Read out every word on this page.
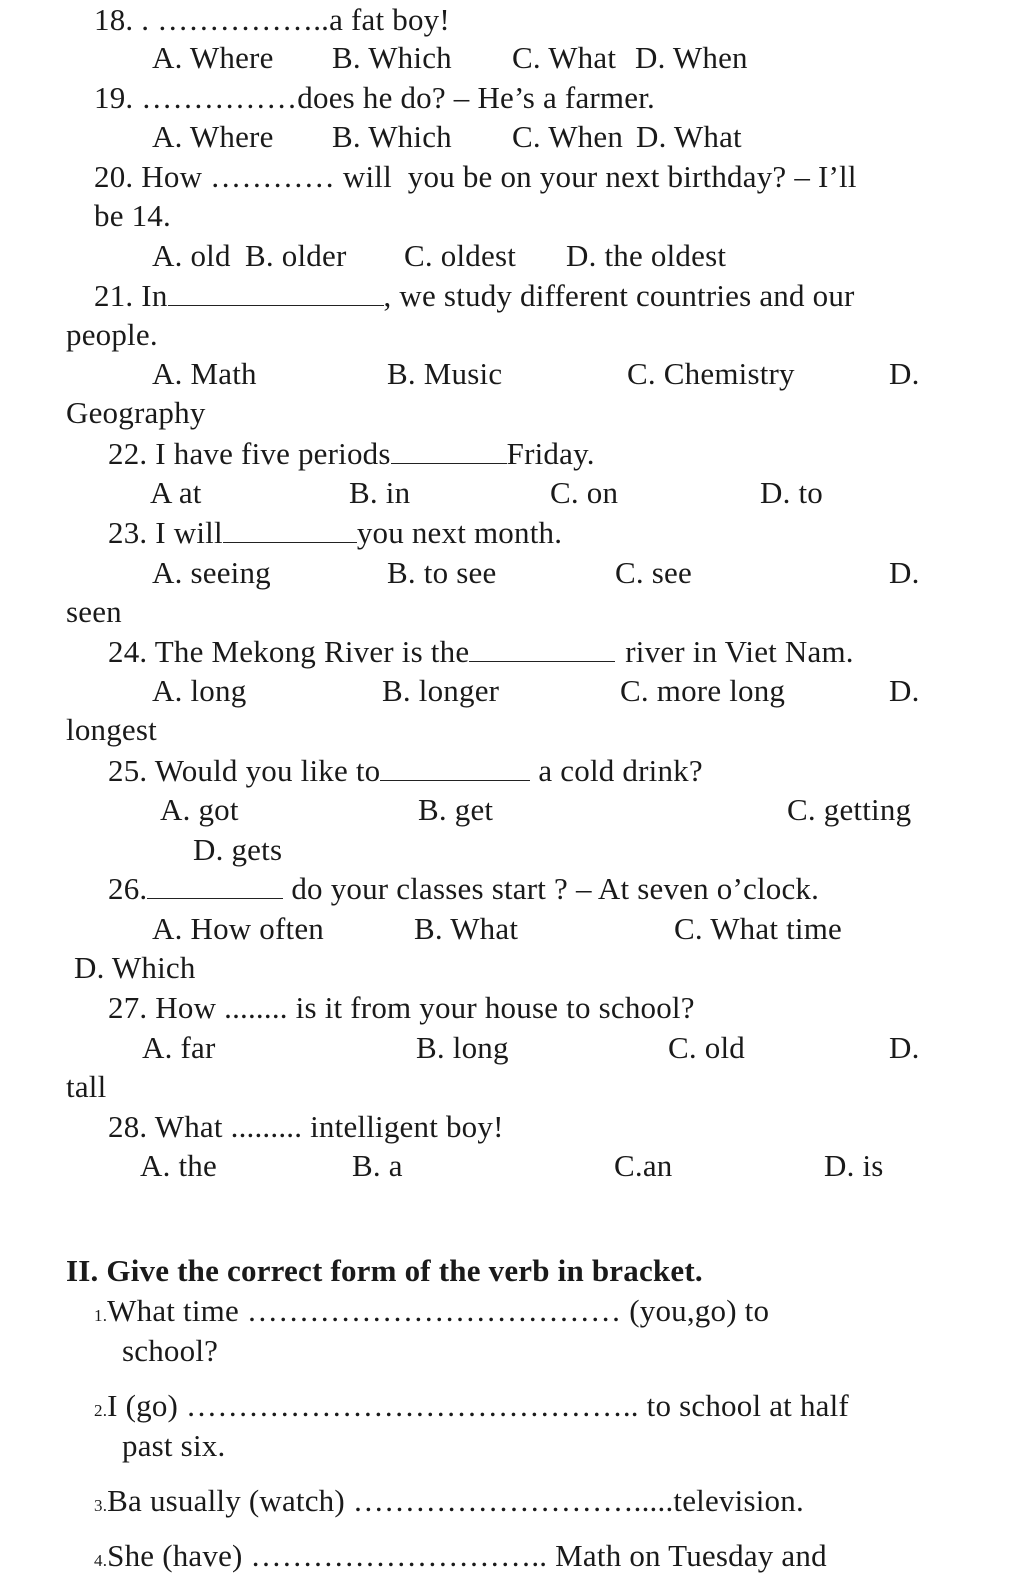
18. . ……………..a fat boy!
A. Where B. Which C. What D. When
19. ……………does he do? – He’s a farmer.
A. Where B. Which C. When D. What
20. How ………… will  you be on your next birthday? – I’ll
be 14.
A. old B. older C. oldest D. the oldest
21. In	, we study different countries and our
people.
A. Math	B. Music	C. Chemistry	D.
Geography
22. I have five periods	Friday.
A at	B. in	C. on	D. to
23. I will	you next month.
A. seeing	B. to see	C. see	D.
seen
24. The Mekong River is the	river in Viet Nam.
A. long	B. longer	C. more long	D.
longest
25. Would you like to	a cold drink?
A. got	B. get	C. getting
D. gets
26.	do your classes start ? – At seven o’clock.
A. How often	B. What	C. What time
D. Which
27. How ........ is it from your house to school?
A. far	B. long	C. old	D.
tall
28. What ......... intelligent boy!
A. the	B. a	C.an	D. is
II. Give the correct form of the verb in bracket.
1.What time ……………………………… (you,go) to
school?
2.I (go) …………………………………….. to school at half
past six.
3.Ba usually (watch) ……………………….....television.
4.She (have) ……………………….. Math on Tuesday and
